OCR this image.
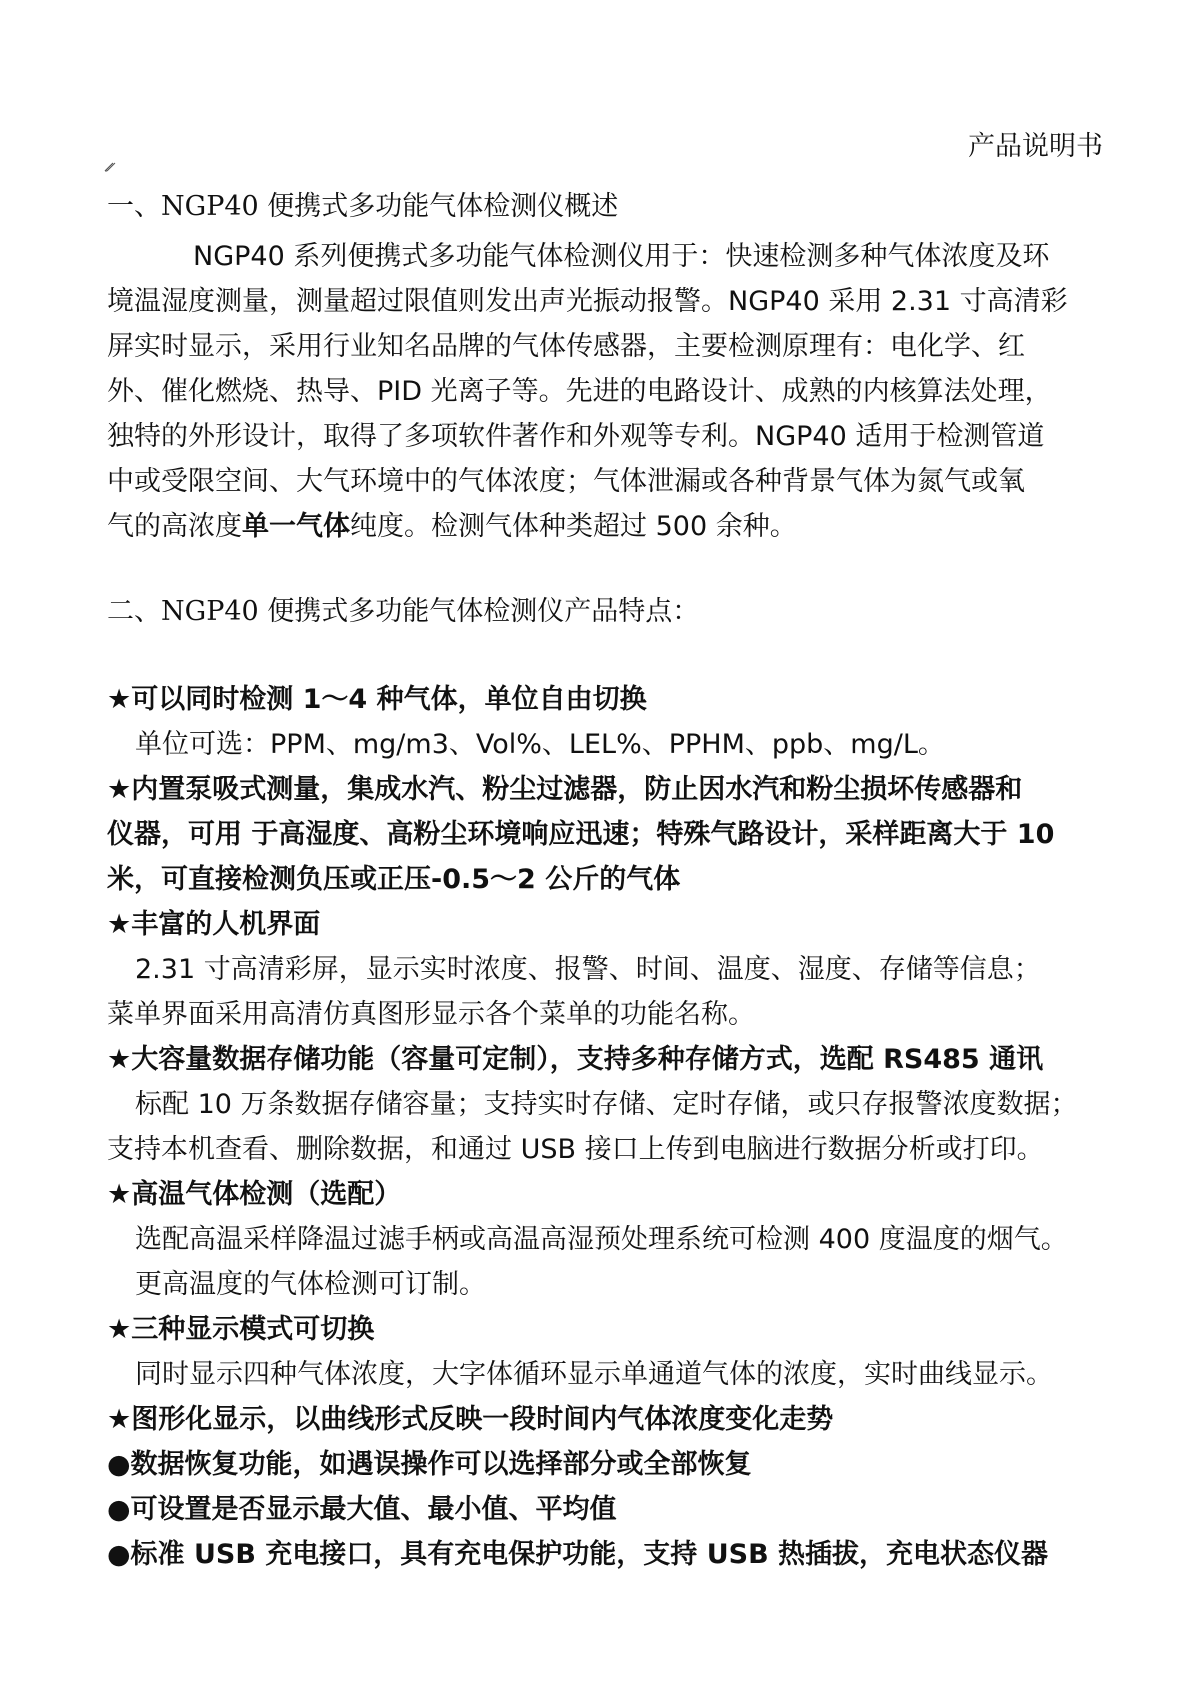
产品说明书
一、NGP40 便携式多功能气体检测仪概述
NGP40 系列便携式多功能气体检测仪用于：快速检测多种气体浓度及环
境温湿度测量，测量超过限值则发出声光振动报警。NGP40 采用 2.31 寸高清彩
屏实时显示，采用行业知名品牌的气体传感器，主要检测原理有：电化学、红
外、催化燃烧、热导、PID 光离子等。先进的电路设计、成熟的内核算法处理，
独特的外形设计，取得了多项软件著作和外观等专利。NGP40 适用于检测管道
中或受限空间、大气环境中的气体浓度；气体泄漏或各种背景气体为氮气或氧
气的高浓度单一气体纯度。检测气体种类超过 500 余种。
二、NGP40 便携式多功能气体检测仪产品特点：
★可以同时检测 1～4 种气体，单位自由切换
单位可选：PPM、mg/m3、Vol%、LEL%、PPHM、ppb、mg/L。
★内置泵吸式测量，集成水汽、粉尘过滤器，防止因水汽和粉尘损坏传感器和
仪器，可用 于高湿度、高粉尘环境响应迅速；特殊气路设计，采样距离大于 10
米，可直接检测负压或正压-0.5～2 公斤的气体
★丰富的人机界面
2.31 寸高清彩屏，显示实时浓度、报警、时间、温度、湿度、存储等信息；
菜单界面采用高清仿真图形显示各个菜单的功能名称。
★大容量数据存储功能（容量可定制），支持多种存储方式，选配 RS485 通讯
标配 10 万条数据存储容量；支持实时存储、定时存储，或只存报警浓度数据；
支持本机查看、删除数据，和通过 USB 接口上传到电脑进行数据分析或打印。
★高温气体检测（选配）
选配高温采样降温过滤手柄或高温高湿预处理系统可检测 400 度温度的烟气。
更高温度的气体检测可订制。
★三种显示模式可切换
同时显示四种气体浓度，大字体循环显示单通道气体的浓度，实时曲线显示。
★图形化显示，以曲线形式反映一段时间内气体浓度变化走势
●数据恢复功能，如遇误操作可以选择部分或全部恢复
●可设置是否显示最大值、最小值、平均值
●标准 USB 充电接口，具有充电保护功能，支持 USB 热插拔，充电状态仪器
